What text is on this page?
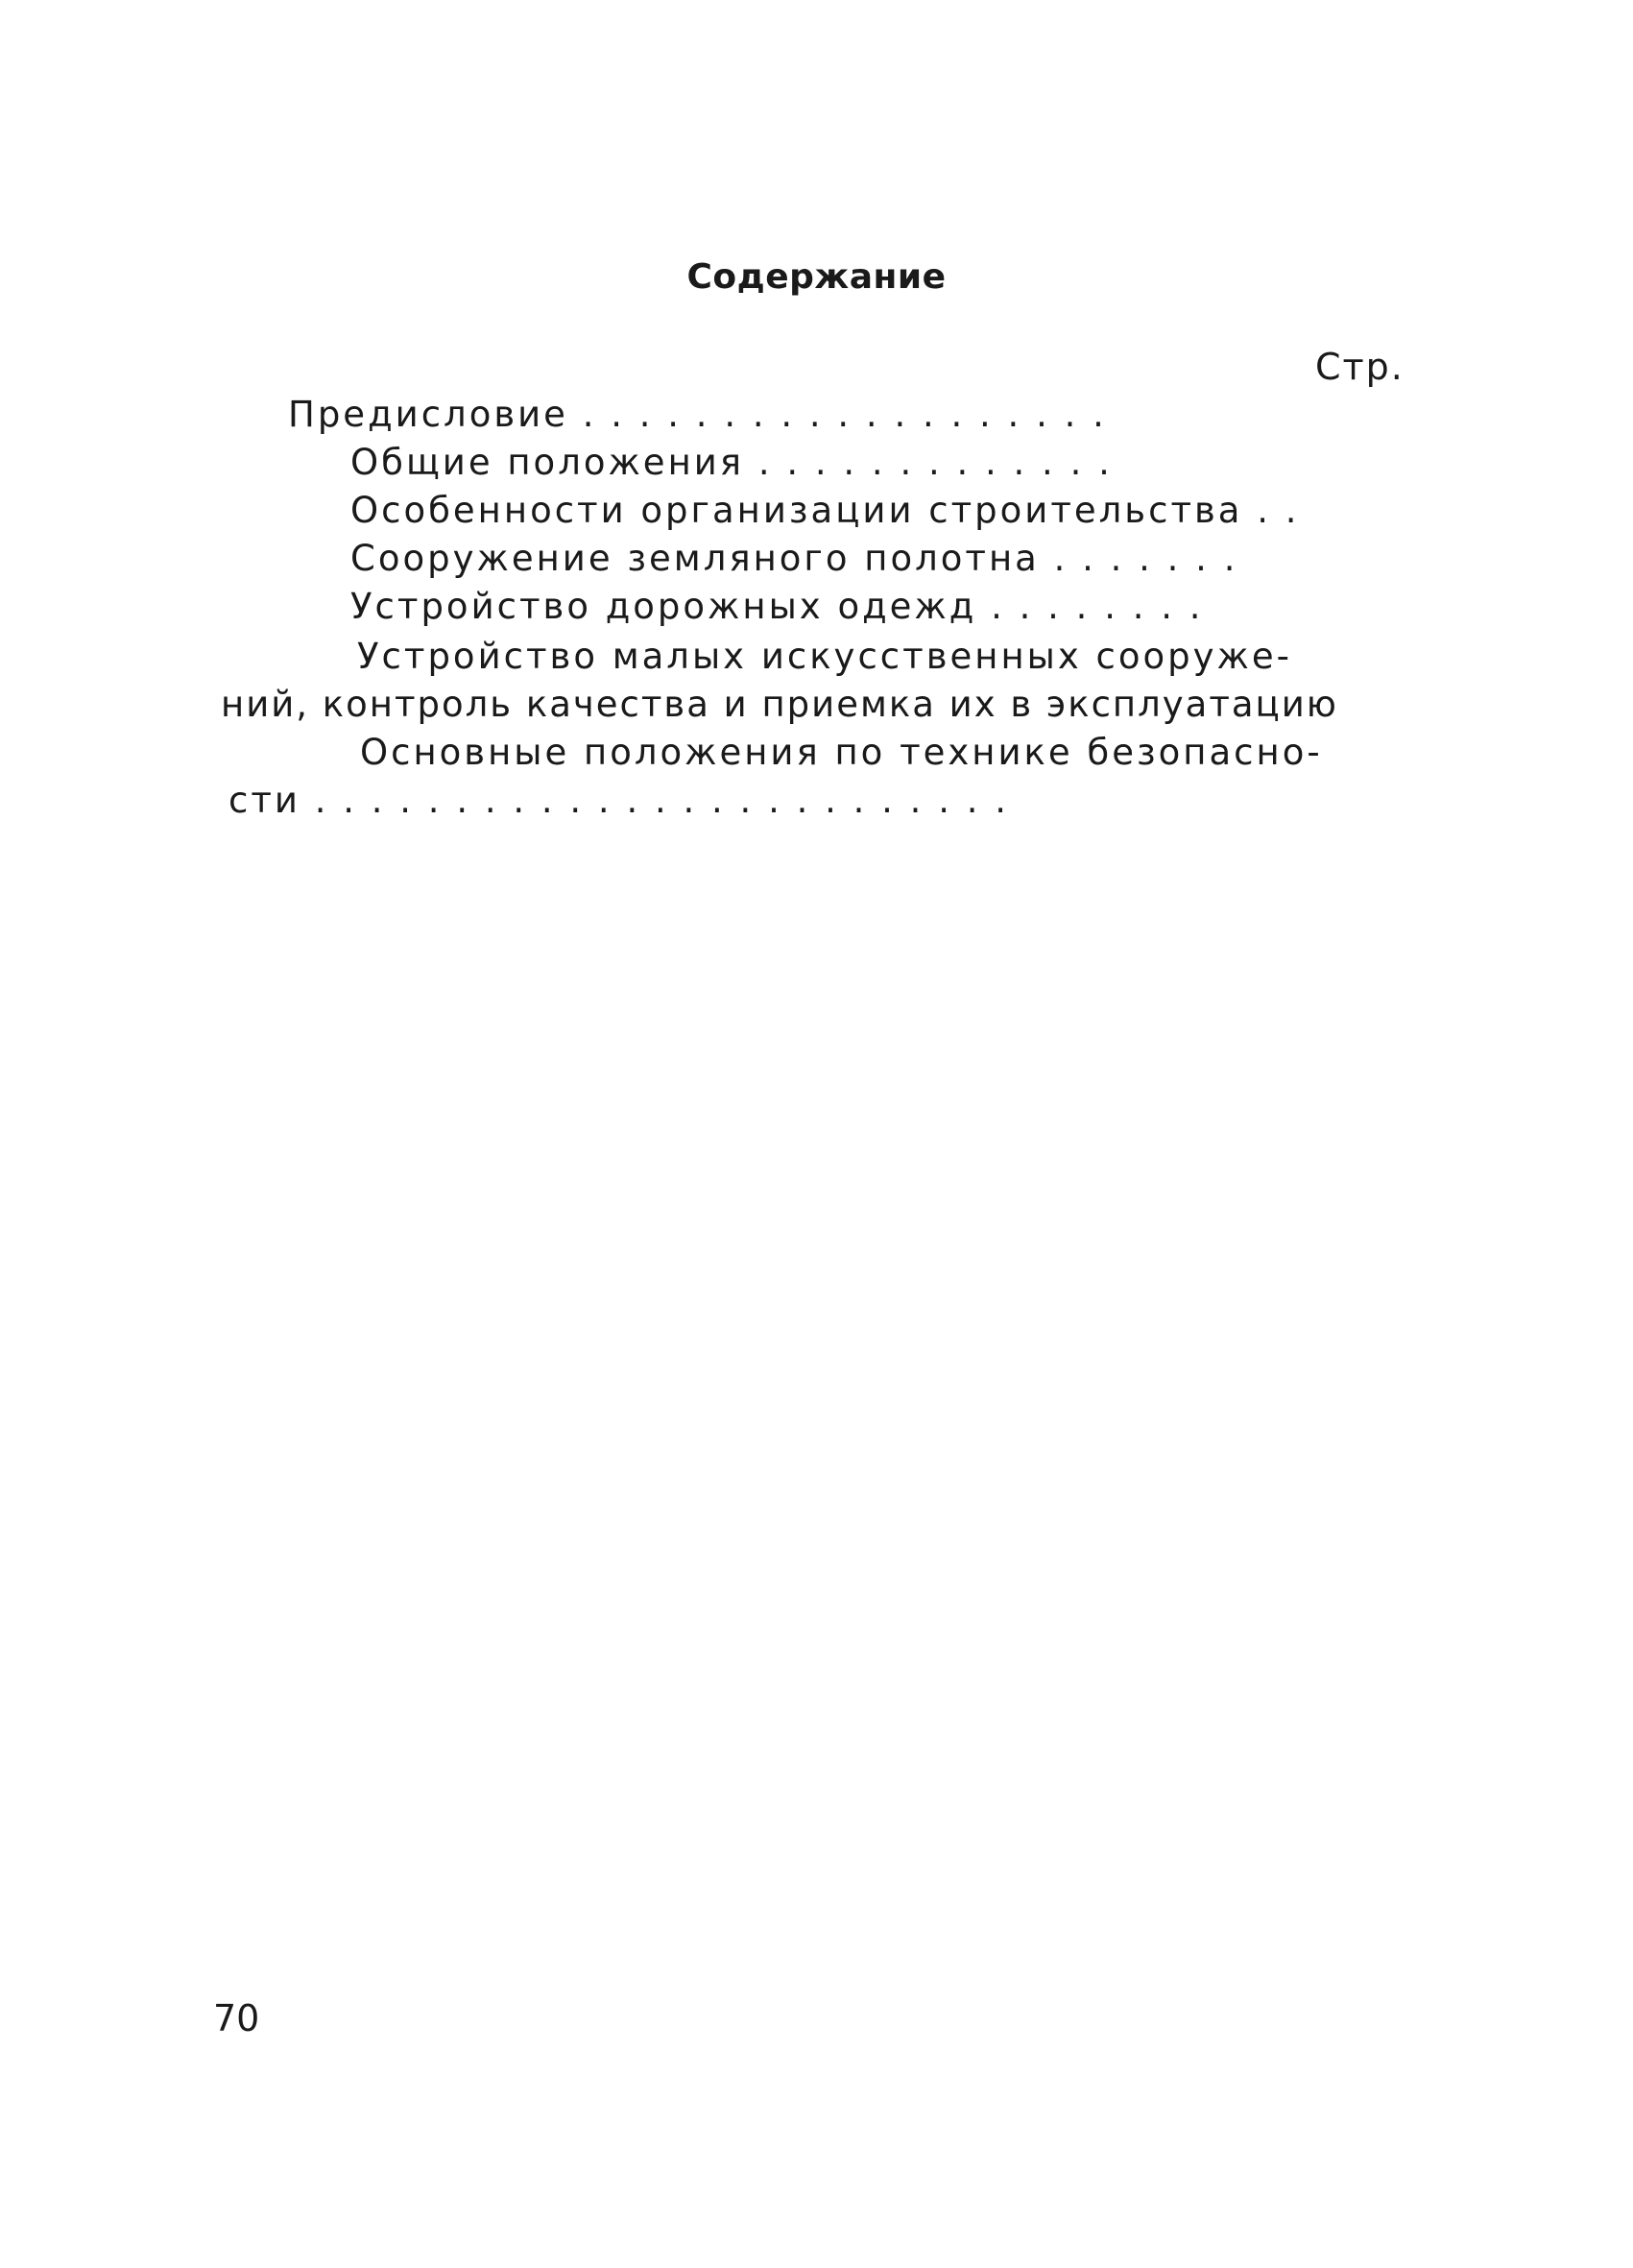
Содержание
Стр.
Предисловие . . . . . . . . . . . . . . . . . . .
Общие положения . . . . . . . . . . . . .
Особенности организации строительства . .
Сооружение земляного полотна . . . . . . .
Устройство дорожных одежд . . . . . . . .
Устройство малых искусственных сооруже-
ний, контроль качества и приемка их в эксплуатацию
Основные положения по технике безопасно-
сти . . . . . . . . . . . . . . . . . . . . . . . . .
70
